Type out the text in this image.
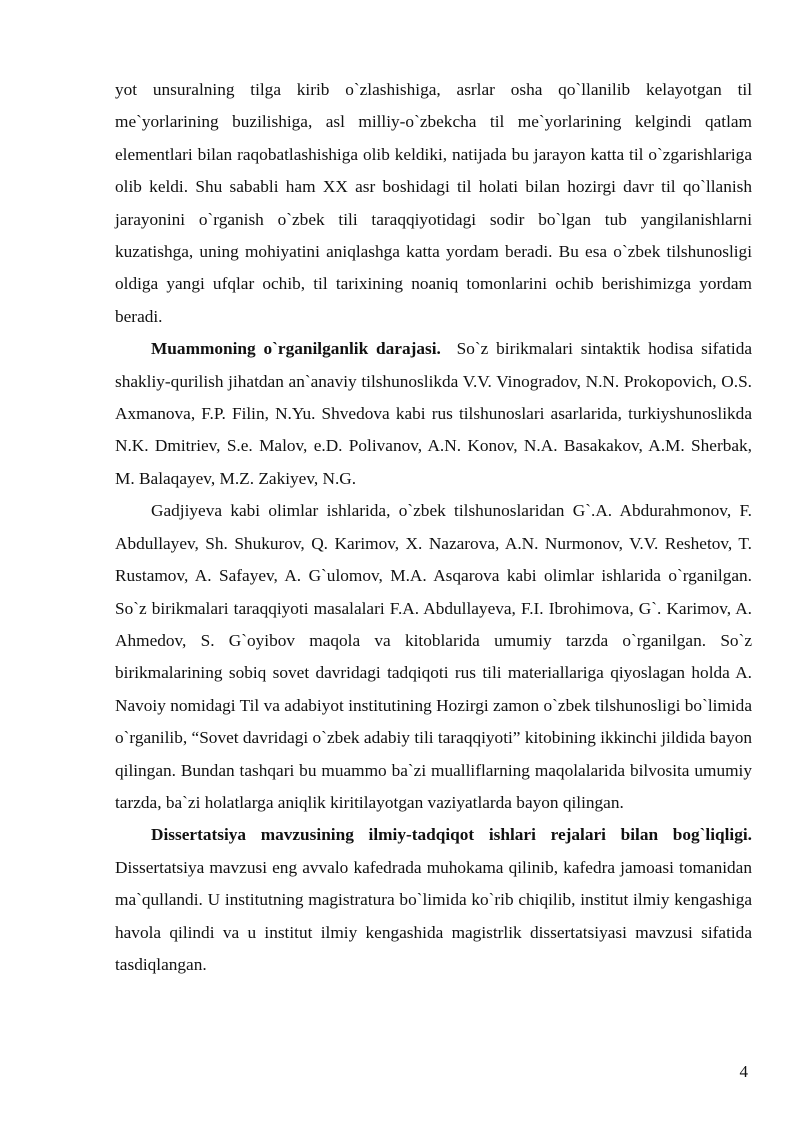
yot unsuralning tilga kirib o`zlashishiga, asrlar osha qo`llanilib kelayotgan til me`yorlarining buzilishiga, asl milliy-o`zbekcha til me`yorlarining kelgindi qatlam elementlari bilan raqobatlashishiga olib keldiki, natijada bu jarayon katta til o`zgarishlariga olib keldi. Shu sababli ham XX asr boshidagi til holati bilan hozirgi davr til qo`llanish jarayonini o`rganish o`zbek tili taraqqiyotidagi sodir bo`lgan tub yangilanishlarni kuzatishga, uning mohiyatini aniqlashga katta yordam beradi. Bu esa o`zbek tilshunosligi oldiga yangi ufqlar ochib, til tarixining noaniq tomonlarini ochib berishimizga yordam beradi.

Muammoning o`rganilganlik darajasi. So`z birikmalari sintaktik hodisa sifatida shakliy-qurilish jihatdan an`anaviy tilshunoslikda V.V. Vinogradov, N.N. Prokopovich, O.S. Axmanova, F.P. Filin, N.Yu. Shvedova kabi rus tilshunoslari asarlarida, turkiyshunoslikda N.K. Dmitriev, S.e. Malov, e.D. Polivanov, A.N. Konov, N.A. Basakakov, A.M. Sherbak, M. Balaqayev, M.Z. Zakiyev, N.G.

Gadjiyeva kabi olimlar ishlarida, o`zbek tilshunoslaridan G`.A. Abdurahmonov, F. Abdullayev, Sh. Shukurov, Q. Karimov, X. Nazarova, A.N. Nurmonov, V.V. Reshetov, T. Rustamov, A. Safayev, A. G`ulomov, M.A. Asqarova kabi olimlar ishlarida o`rganilgan. So`z birikmalari taraqqiyoti masalalari F.A. Abdullayeva, F.I. Ibrohimova, G`. Karimov, A. Ahmedov, S. G`oyibov maqola va kitoblarida umumiy tarzda o`rganilgan. So`z birikmalarining sobiq sovet davridagi tadqiqoti rus tili materiallariga qiyoslagan holda A. Navoiy nomidagi Til va adabiyot institutining Hozirgi zamon o`zbek tilshunosligi bo`limida o`rganilib, “Sovet davridagi o`zbek adabiy tili taraqqiyoti” kitobining ikkinchi jildida bayon qilingan. Bundan tashqari bu muammo ba`zi mualliflarning maqolalarida bilvosita umumiy tarzda, ba`zi holatlarga aniqlik kiritilayotgan vaziyatlarda bayon qilingan.

Dissertatsiya mavzusining ilmiy-tadqiqot ishlari rejalari bilan bog`liqligi. Dissertatsiya mavzusi eng avvalo kafedrada muhokama qilinib, kafedra jamoasi tomanidan ma`qullandi. U institutning magistratura bo`limida ko`rib chiqilib, institut ilmiy kengashiga havola qilindi va u institut ilmiy kengashida magistrlik dissertatsiyasi mavzusi sifatida tasdiqlangan.

4
